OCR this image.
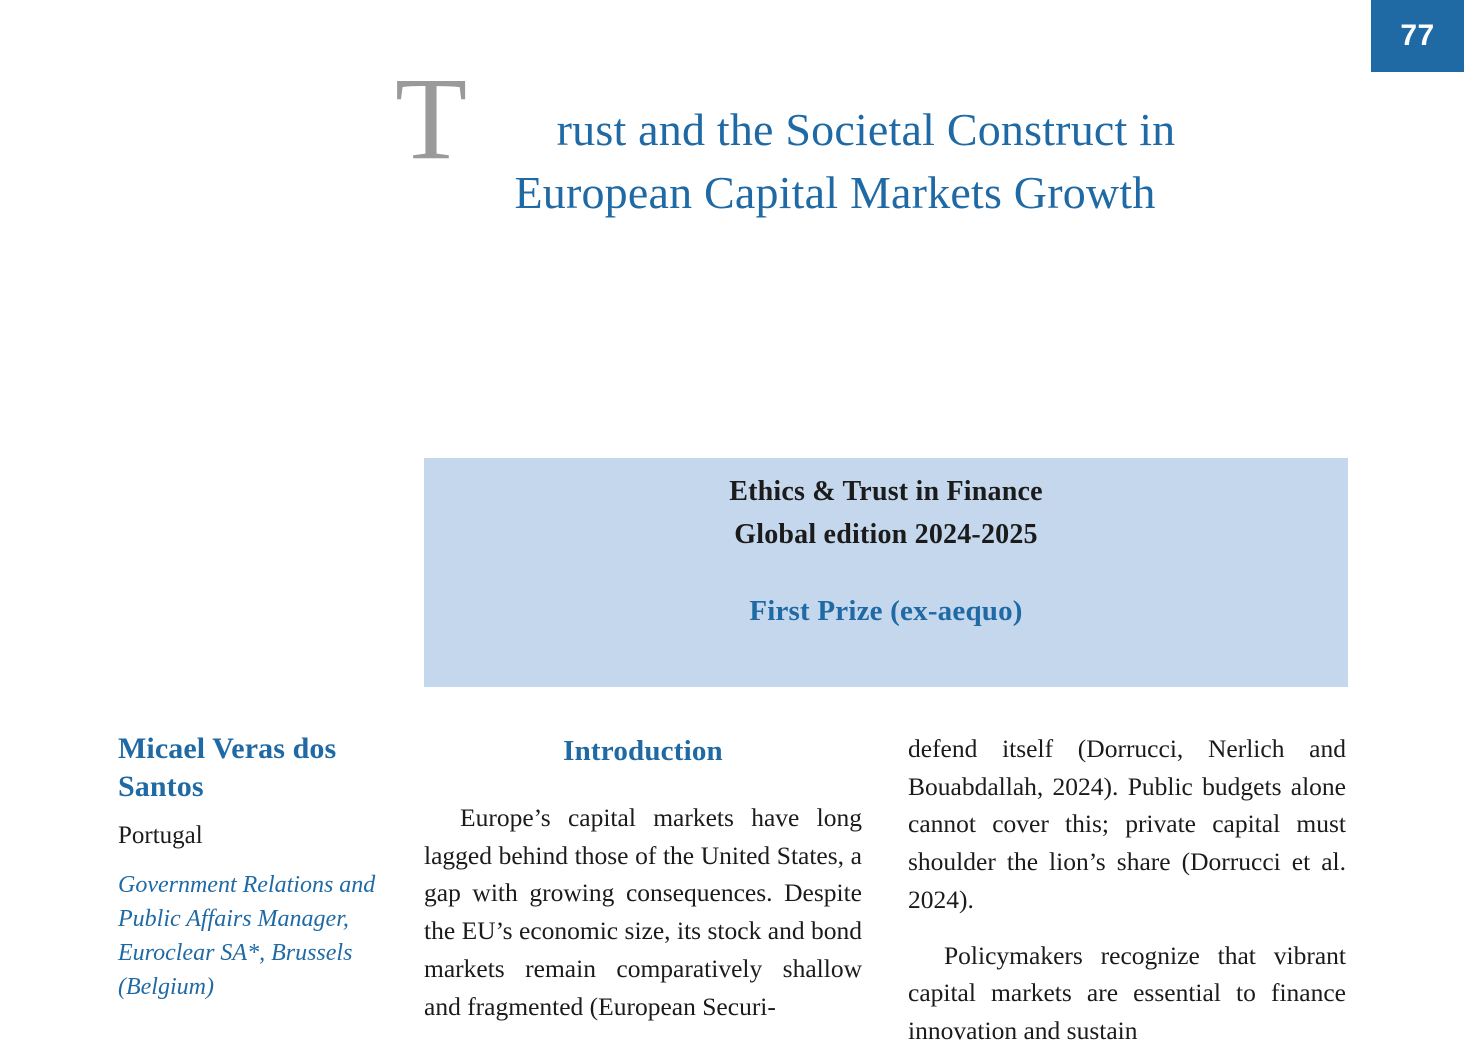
77
T	rust and the Societal Construct in
European Capital Markets Growth
Ethics & Trust in Finance
Global edition 2024-2025
First Prize (ex-aequo)
Micael Veras dos Santos
Portugal
Government Relations and Public Affairs Manager, Euroclear SA*, Brussels (Belgium)
Introduction

Europe’s capital markets have long lagged behind those of the United States, a gap with growing consequences. Despite the EU’s economic size, its stock and bond markets remain comparatively shallow and fragmented (European Securi-

defend itself (Dorrucci, Nerlich and Bouabdallah, 2024). Public budgets alone cannot cover this; private capital must shoulder the lion’s share (Dorrucci et al. 2024).

Policymakers recognize that vibrant capital markets are essential to finance innovation and sustain
